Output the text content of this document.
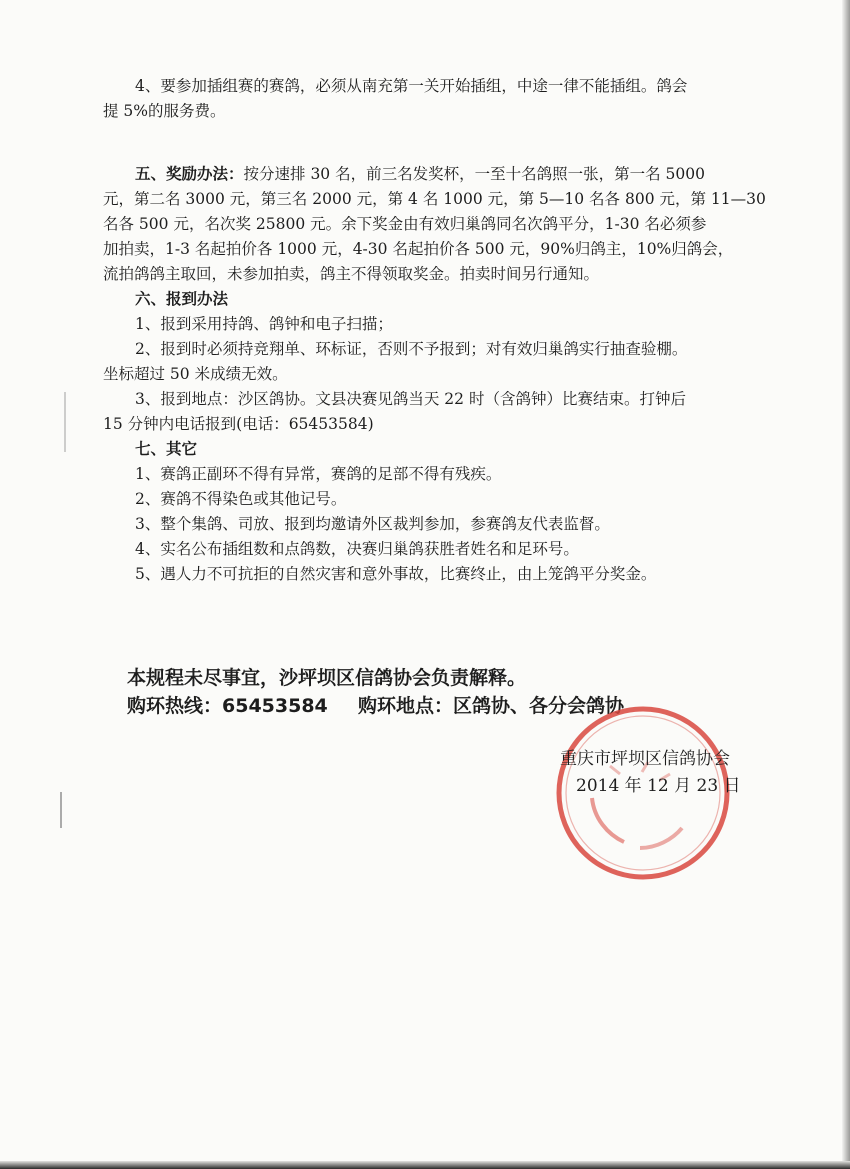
4、要参加插组赛的赛鸽，必须从南充第一关开始插组，中途一律不能插组。鸽会
提 5%的服务费。
五、奖励办法：按分速排 30 名，前三名发奖杯，一至十名鸽照一张，第一名 5000
元，第二名 3000 元，第三名 2000 元，第 4 名 1000 元，第 5—10 名各 800 元，第 11—30
名各 500 元，名次奖 25800 元。余下奖金由有效归巢鸽同名次鸽平分，1-30 名必须参
加拍卖，1-3 名起拍价各 1000 元，4-30 名起拍价各 500 元，90%归鸽主，10%归鸽会，
流拍鸽鸽主取回，未参加拍卖，鸽主不得领取奖金。拍卖时间另行通知。
六、报到办法
1、报到采用持鸽、鸽钟和电子扫描；
2、报到时必须持竞翔单、环标证，否则不予报到；对有效归巢鸽实行抽查验棚。
坐标超过 50 米成绩无效。
3、报到地点：沙区鸽协。文县决赛见鸽当天 22 时（含鸽钟）比赛结束。打钟后
15 分钟内电话报到(电话：65453584)
七、其它
1、赛鸽正副环不得有异常，赛鸽的足部不得有残疾。
2、赛鸽不得染色或其他记号。
3、整个集鸽、司放、报到均邀请外区裁判参加，参赛鸽友代表监督。
4、实名公布插组数和点鸽数，决赛归巢鸽获胜者姓名和足环号。
5、遇人力不可抗拒的自然灾害和意外事故，比赛终止，由上笼鸽平分奖金。
本规程未尽事宜，沙坪坝区信鸽协会负责解释。
购环热线：65453584 购环地点：区鸽协、各分会鸽协
重庆市坪坝区信鸽协会
2014 年 12 月 23 日
